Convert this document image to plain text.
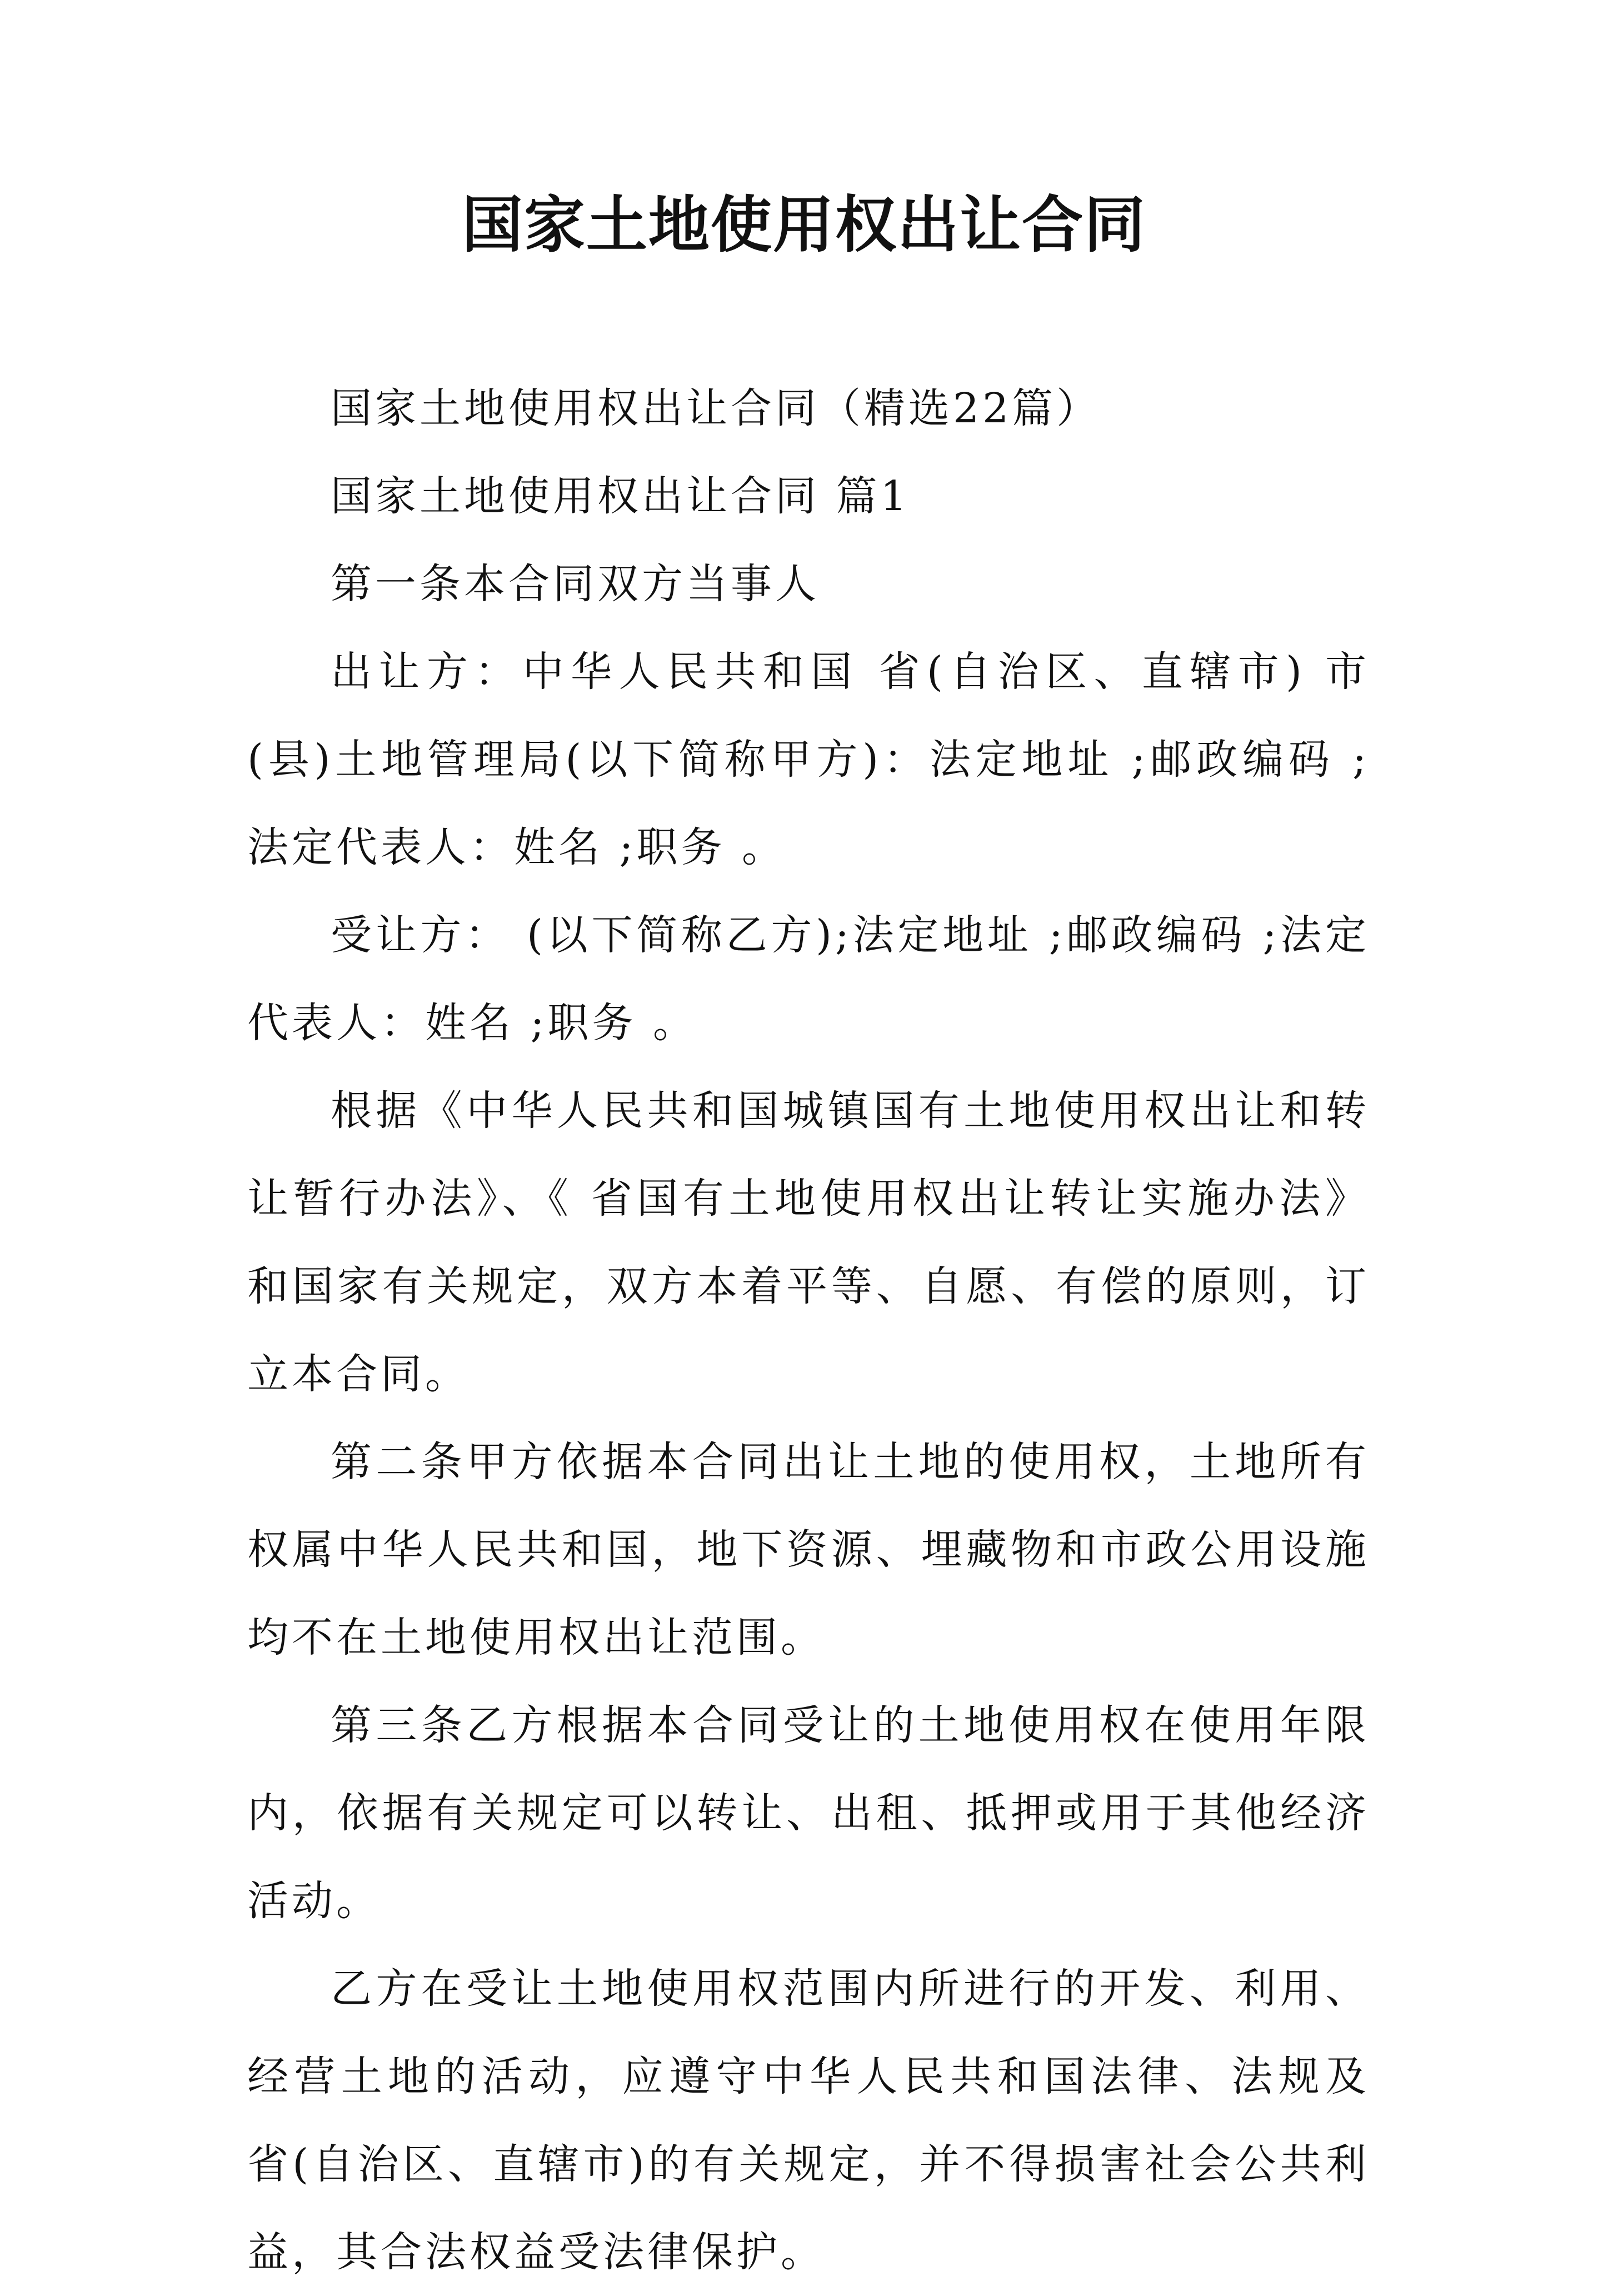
国家土地使用权出让合同

国家土地使用权出让合同（精选22篇）

国家土地使用权出让合同 篇1

第一条本合同双方当事人

出让方：中华人民共和国 省(自治区、直辖市) 市(县)土地管理局(以下简称甲方)：法定地址 ;邮政编码 ;法定代表人：姓名 ;职务 。

受让方： (以下简称乙方);法定地址 ;邮政编码 ;法定代表人：姓名 ;职务 。

根据《中华人民共和国城镇国有土地使用权出让和转让暂行办法》、《 省国有土地使用权出让转让实施办法》和国家有关规定，双方本着平等、自愿、有偿的原则，订立本合同。

第二条甲方依据本合同出让土地的使用权，土地所有权属中华人民共和国，地下资源、埋藏物和市政公用设施均不在土地使用权出让范围。

第三条乙方根据本合同受让的土地使用权在使用年限内，依据有关规定可以转让、出租、抵押或用于其他经济活动。

乙方在受让土地使用权范围内所进行的开发、利用、经营土地的活动，应遵守中华人民共和国法律、法规及 省(自治区、直辖市)的有关规定，并不得损害社会公共利益，其合法权益受法律保护。
